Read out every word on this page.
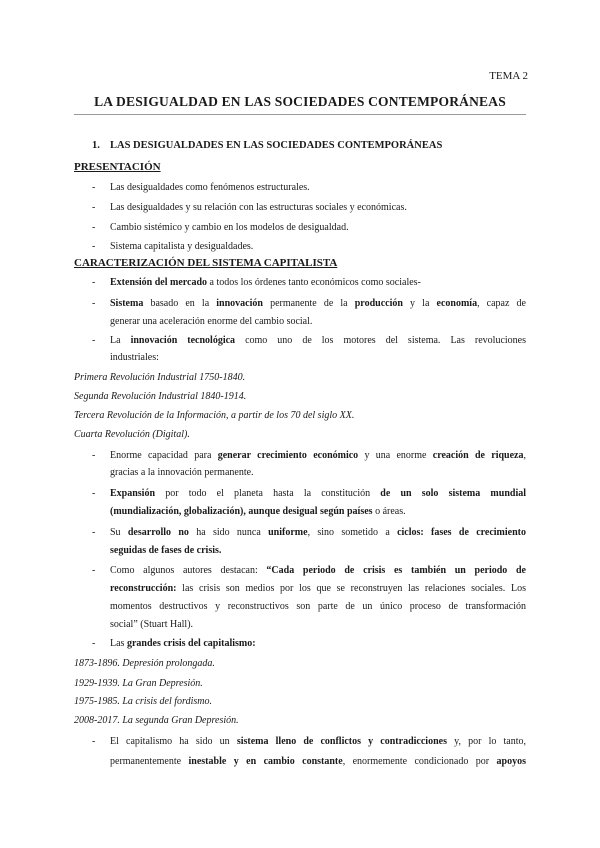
TEMA 2
LA DESIGUALDAD EN LAS SOCIEDADES CONTEMPORÁNEAS
1. LAS DESIGUALDADES EN LAS SOCIEDADES CONTEMPORÁNEAS
PRESENTACIÓN
- Las desigualdades como fenómenos estructurales.
- Las desigualdades y su relación con las estructuras sociales y económicas.
- Cambio sistémico y cambio en los modelos de desigualdad.
- Sistema capitalista y desigualdades.
CARACTERIZACIÓN DEL SISTEMA CAPITALISTA
- Extensión del mercado a todos los órdenes tanto económicos como sociales-
- Sistema basado en la innovación permanente de la producción y la economía, capaz de
generar una aceleración enorme del cambio social.
- La innovación tecnológica como uno de los motores del sistema. Las revoluciones
industriales:
Primera Revolución Industrial 1750-1840.
Segunda Revolución Industrial 1840-1914.
Tercera Revolución de la Información, a partir de los 70 del siglo XX.
Cuarta Revolución (Digital).
- Enorme capacidad para generar crecimiento económico y una enorme creación de riqueza,
gracias a la innovación permanente.
- Expansión por todo el planeta hasta la constitución de un solo sistema mundial
(mundialización, globalización), aunque desigual según países o áreas.
- Su desarrollo no ha sido nunca uniforme, sino sometido a ciclos: fases de crecimiento
seguidas de fases de crisis.
- Como algunos autores destacan: “Cada periodo de crisis es también un periodo de
reconstrucción: las crisis son medios por los que se reconstruyen las relaciones sociales. Los
momentos destructivos y reconstructivos son parte de un único proceso de transformación
social” (Stuart Hall).
- Las grandes crisis del capitalismo:
1873-1896. Depresión prolongada.
1929-1939. La Gran Depresión.
1975-1985. La crisis del fordismo.
2008-2017. La segunda Gran Depresión.
- El capitalismo ha sido un sistema lleno de conflictos y contradicciones y, por lo tanto,
permanentemente inestable y en cambio constante, enormemente condicionado por apoyos
